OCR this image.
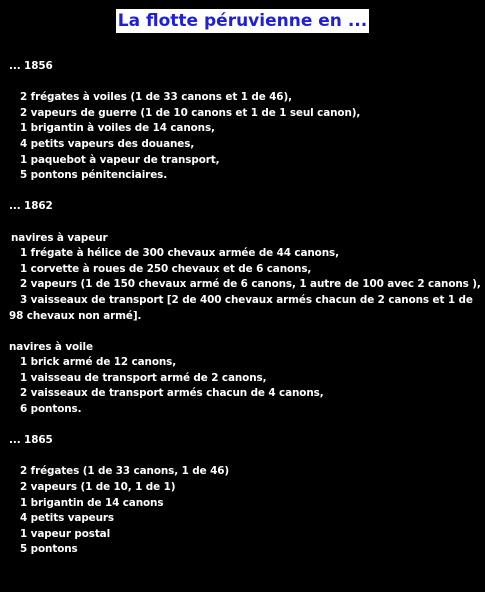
La flotte péruvienne en ...
... 1856
2 frégates à voiles (1 de 33 canons et 1 de 46),
2 vapeurs de guerre (1 de 10 canons et 1 de 1 seul canon),
1 brigantin à voiles de 14 canons,
4 petits vapeurs des douanes,
1 paquebot à vapeur de transport,
5 pontons pénitenciaires.
... 1862
navires à vapeur
1 frégate à hélice de 300 chevaux armée de 44 canons,
1 corvette à roues de 250 chevaux et de 6 canons,
2 vapeurs (1 de 150 chevaux armé de 6 canons, 1 autre de 100 avec 2 canons ),
3 vaisseaux de transport [2 de 400 chevaux armés chacun de 2 canons et 1 de 98 chevaux non armé].
navires à voile
1 brick armé de 12 canons,
1 vaisseau de transport armé de 2 canons,
2 vaisseaux de transport armés chacun de 4 canons,
6 pontons.
... 1865
2 frégates (1 de 33 canons, 1 de 46)
2 vapeurs (1 de 10, 1 de 1)
1 brigantin de 14 canons
4 petits vapeurs
1 vapeur postal
5 pontons
